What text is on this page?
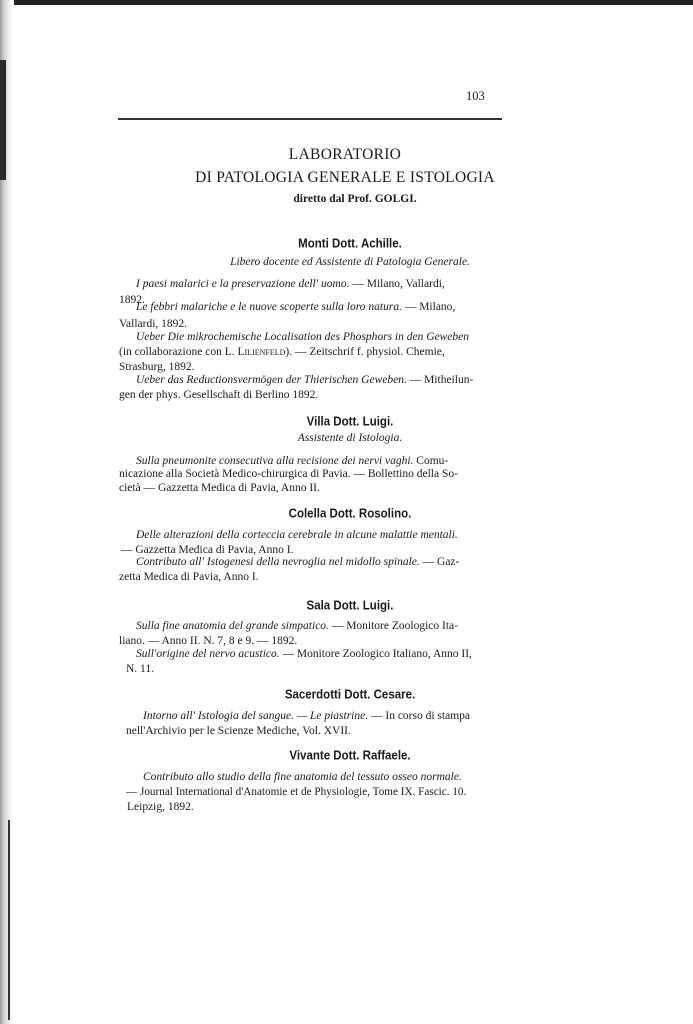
103
LABORATORIO
DI PATOLOGIA GENERALE E ISTOLOGIA
diretto dal Prof. GOLGI.
Monti Dott. Achille.
Libero docente ed Assistente di Patologia Generale.
I paesi malarici e la preservazione dell' uomo. — Milano, Vallardi,
1892.
Le febbri malariche e le nuove scoperte sulla loro natura. — Milano,
Vallardi, 1892.
Ueber Die mikrochemische Localisation des Phosphors in den Geweben
(in collaborazione con L. Lilienfeld). — Zeitschrif f. physiol. Chemie,
Strasburg, 1892.
Ueber das Reductionsvermögen der Thierischen Geweben. — Mitheilun-
gen der phys. Gesellschaft di Berlino 1892.
Villa Dott. Luigi.
Assistente di Istologia.
Sulla pneumonite consecutiva alla recisione dei nervi vaghi. Comu-
nicazione alla Società Medico-chirurgica di Pavia. — Bollettino della So-
cietà — Gazzetta Medica di Pavia, Anno II.
Colella Dott. Rosolino.
Delle alterazioni della corteccia cerebrale in alcune malattie mentali.
— Gazzetta Medica di Pavia, Anno I.
Contributo all' Istogenesi della nevroglia nel midollo spinale. — Gaz-
zetta Medica di Pavia, Anno I.
Sala Dott. Luigi.
Sulla fine anatomia del grande simpatico. — Monitore Zoologico Ita-
liano. — Anno II. N. 7, 8 e 9. — 1892.
Sull'origine del nervo acustico. — Monitore Zoologico Italiano, Anno II,
N. 11.
Sacerdotti Dott. Cesare.
Intorno all' Istologia del sangue. — Le piastrine. — In corso di stampa
nell'Archivio per le Scienze Mediche, Vol. XVII.
Vivante Dott. Raffaele.
Contributo allo studio della fine anatomia del tessuto osseo normale.
— Journal International d'Anatomie et de Physiologie, Tome IX. Fascic. 10.
Leipzig, 1892.
